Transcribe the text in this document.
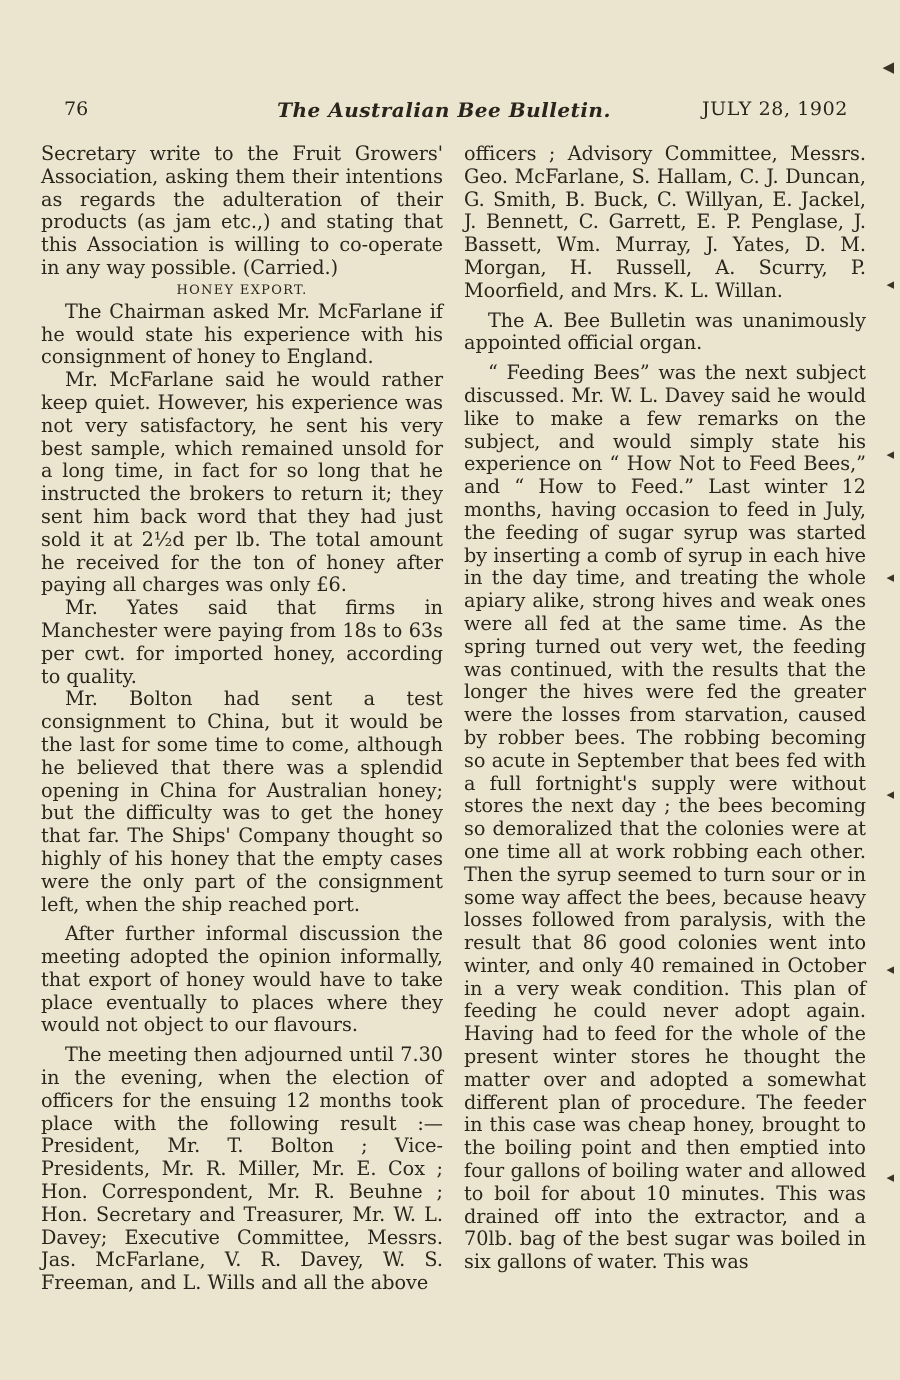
76	The Australian Bee Bulletin.	JULY 28, 1902

Secretary write to the Fruit Growers' Association, asking them their intentions as regards the adulteration of their products (as jam etc.,) and stating that this Association is willing to co-operate in any way possible. (Carried.)

HONEY EXPORT.

The Chairman asked Mr. McFarlane if he would state his experience with his consignment of honey to England.

Mr. McFarlane said he would rather keep quiet. However, his experience was not very satisfactory, he sent his very best sample, which remained unsold for a long time, in fact for so long that he instructed the brokers to return it; they sent him back word that they had just sold it at 2½d per lb. The total amount he received for the ton of honey after paying all charges was only £6.

Mr. Yates said that firms in Manchester were paying from 18s to 63s per cwt. for imported honey, according to quality.

Mr. Bolton had sent a test consignment to China, but it would be the last for some time to come, although he believed that there was a splendid opening in China for Australian honey; but the difficulty was to get the honey that far. The Ships' Company thought so highly of his honey that the empty cases were the only part of the consignment left, when the ship reached port.

After further informal discussion the meeting adopted the opinion informally, that export of honey would have to take place eventually to places where they would not object to our flavours.

The meeting then adjourned until 7.30 in the evening, when the election of officers for the ensuing 12 months took place with the following result :—President, Mr. T. Bolton ; Vice-Presidents, Mr. R. Miller, Mr. E. Cox ; Hon. Correspondent, Mr. R. Beuhne ; Hon. Secretary and Treasurer, Mr. W. L. Davey; Executive Committee, Messrs. Jas. McFarlane, V. R. Davey, W. S. Freeman, and L. Wills and all the above

officers ; Advisory Committee, Messrs. Geo. McFarlane, S. Hallam, C. J. Duncan, G. Smith, B. Buck, C. Willyan, E. Jackel, J. Bennett, C. Garrett, E. P. Penglase, J. Bassett, Wm. Murray, J. Yates, D. M. Morgan, H. Russell, A. Scurry, P. Moorfield, and Mrs. K. L. Willan.

The A. Bee Bulletin was unanimously appointed official organ.

“ Feeding Bees” was the next subject discussed. Mr. W. L. Davey said he would like to make a few remarks on the subject, and would simply state his experience on “ How Not to Feed Bees,” and “ How to Feed.” Last winter 12 months, having occasion to feed in July, the feeding of sugar syrup was started by inserting a comb of syrup in each hive in the day time, and treating the whole apiary alike, strong hives and weak ones were all fed at the same time. As the spring turned out very wet, the feeding was continued, with the results that the longer the hives were fed the greater were the losses from starvation, caused by robber bees. The robbing becoming so acute in September that bees fed with a full fortnight's supply were without stores the next day ; the bees becoming so demoralized that the colonies were at one time all at work robbing each other. Then the syrup seemed to turn sour or in some way affect the bees, because heavy losses followed from paralysis, with the result that 86 good colonies went into winter, and only 40 remained in October in a very weak condition. This plan of feeding he could never adopt again. Having had to feed for the whole of the present winter stores he thought the matter over and adopted a somewhat different plan of procedure. The feeder in this case was cheap honey, brought to the boiling point and then emptied into four gallons of boiling water and allowed to boil for about 10 minutes. This was drained off into the extractor, and a 70lb. bag of the best sugar was boiled in six gallons of water. This was

◀
◂
◂
◂
◂
◂
◂
